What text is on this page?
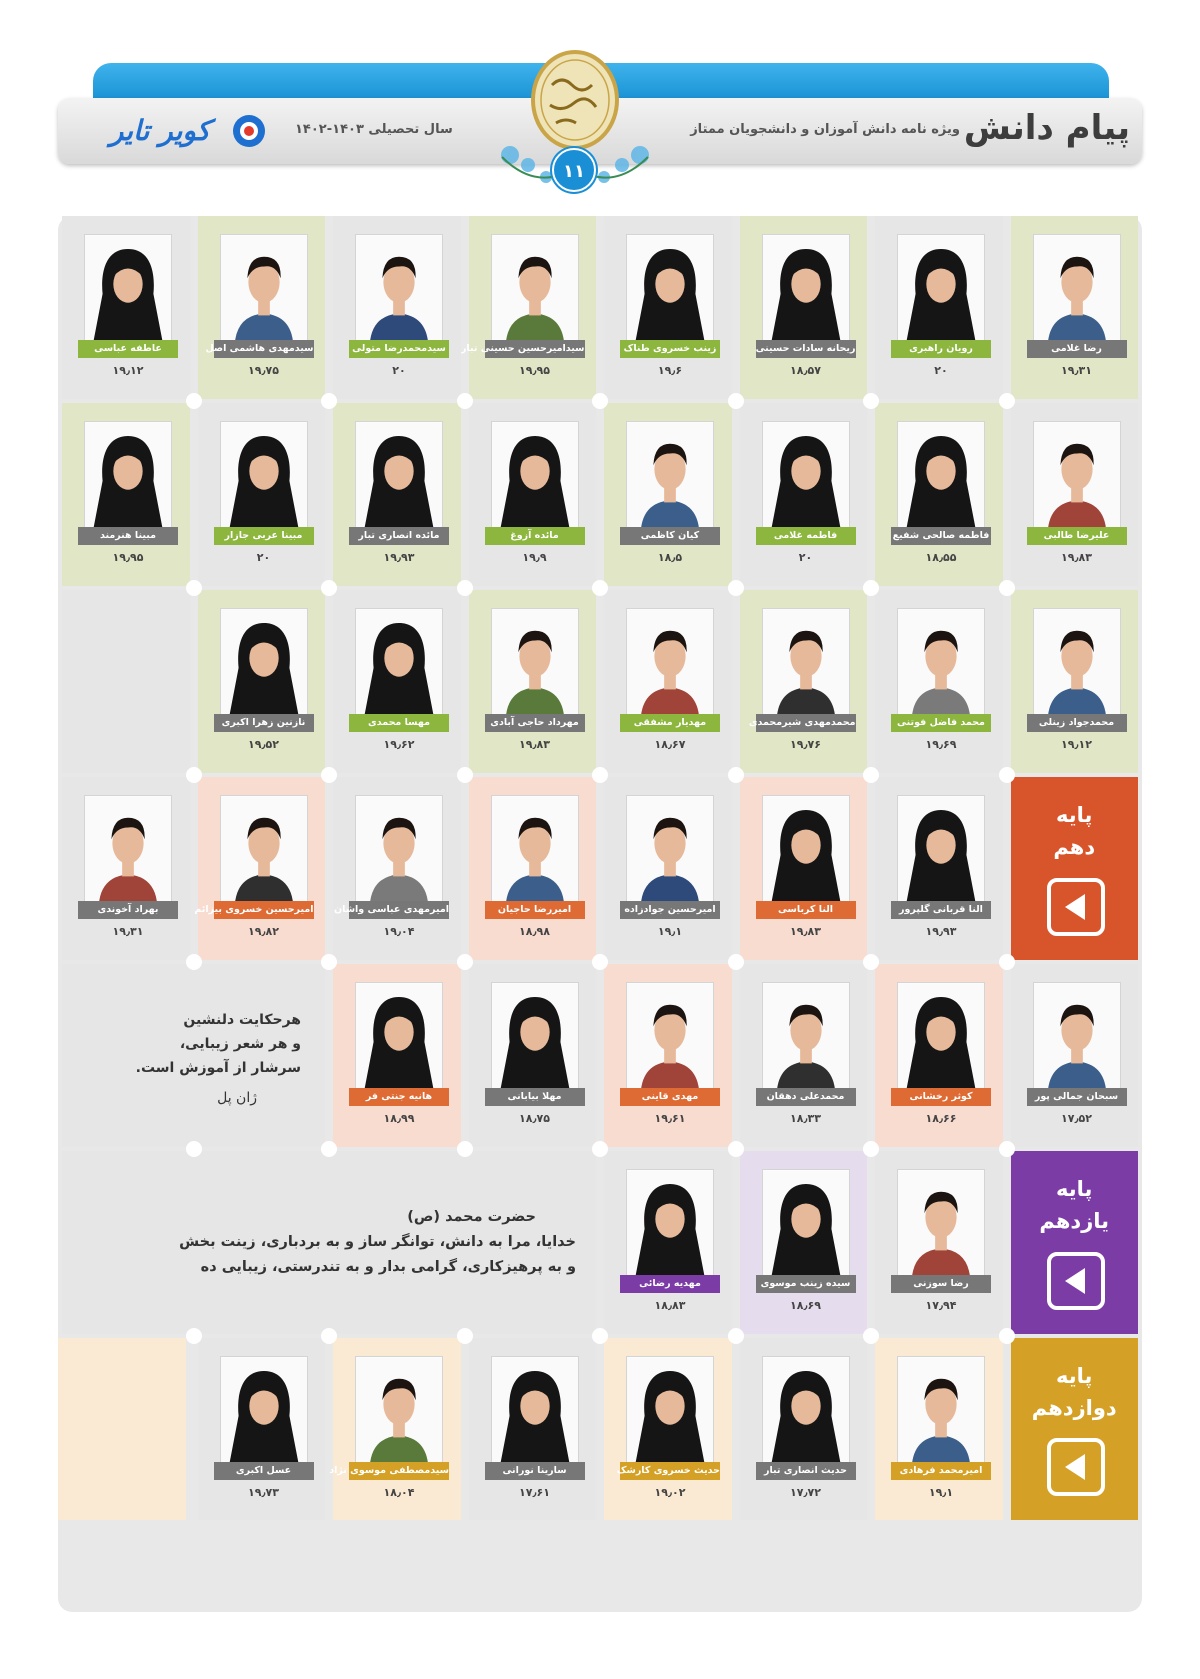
پیام دانش
ویژه نامه دانش آموزان و دانشجویان ممتاز
سال تحصیلی ۱۴۰۳-۱۴۰۲
کویر تایر
۱۱
رضا غلامی
۱۹٫۳۱
رویان راهبری
۲۰
ریحانه سادات حسینی
۱۸٫۵۷
زینب خسروی طناک
۱۹٫۶
سیدامیرحسین حسینی تبار
۱۹٫۹۵
سیدمحمدرضا متولی
۲۰
سیدمهدی هاشمی اصل
۱۹٫۷۵
عاطفه عباسی
۱۹٫۱۲
علیرضا طالبی
۱۹٫۸۳
فاطمه صالحی شفیع
۱۸٫۵۵
فاطمه غلامی
۲۰
کیان کاظمی
۱۸٫۵
مائده آزوغ
۱۹٫۹
مائده انصاری تبار
۱۹٫۹۳
مبینا عربی جازار
۲۰
مبینا هنرمند
۱۹٫۹۵
محمدجواد زینلی
۱۹٫۱۲
محمد فاضل فوتنی
۱۹٫۶۹
محمدمهدی شیرمحمدی
۱۹٫۷۶
مهدیار مشفقی
۱۸٫۶۷
مهرداد حاجی آبادی
۱۹٫۸۳
مهسا محمدی
۱۹٫۶۲
نازنین زهرا اکبری
۱۹٫۵۲
پایه
دهم
النا قربانی گلپرور
۱۹٫۹۳
النا کرباسی
۱۹٫۸۳
امیرحسین جوادزاده
۱۹٫۱
امیررضا حاجیان
۱۸٫۹۸
امیرمهدی عباسی واشان
۱۹٫۰۴
امیرحسین خسروی بیزائم
۱۹٫۸۲
بهراد آخوندی
۱۹٫۳۱
سبحان جمالی پور
۱۷٫۵۲
کوثر رخشانی
۱۸٫۶۶
محمدعلی دهقان
۱۸٫۳۳
مهدی قاینی
۱۹٫۶۱
مهلا بیابانی
۱۸٫۷۵
هانیه جنتی فر
۱۸٫۹۹
هرحکایت دلنشین
و هر شعر زیبایی،
سرشار از آموزش است.
ژان پل
پایه
یازدهم
رضا سوزنی
۱۷٫۹۴
سیده زینب موسوی
۱۸٫۶۹
مهدیه رضائی
۱۸٫۸۳
حضرت محمد (ص)
خدایا، مرا به دانش، توانگر ساز و به بردباری، زینت بخش
و به پرهیزکاری، گرامی بدار و به تندرستی، زیبایی ده
پایه
دوازدهم
امیرمحمد فرهادی
۱۹٫۱
حدیث انصاری تبار
۱۷٫۷۲
حدیث خسروی کارشک
۱۹٫۰۲
سارینا نورانی
۱۷٫۶۱
سیدمصطفی موسوی نژاد
۱۸٫۰۴
عسل اکبری
۱۹٫۷۳
